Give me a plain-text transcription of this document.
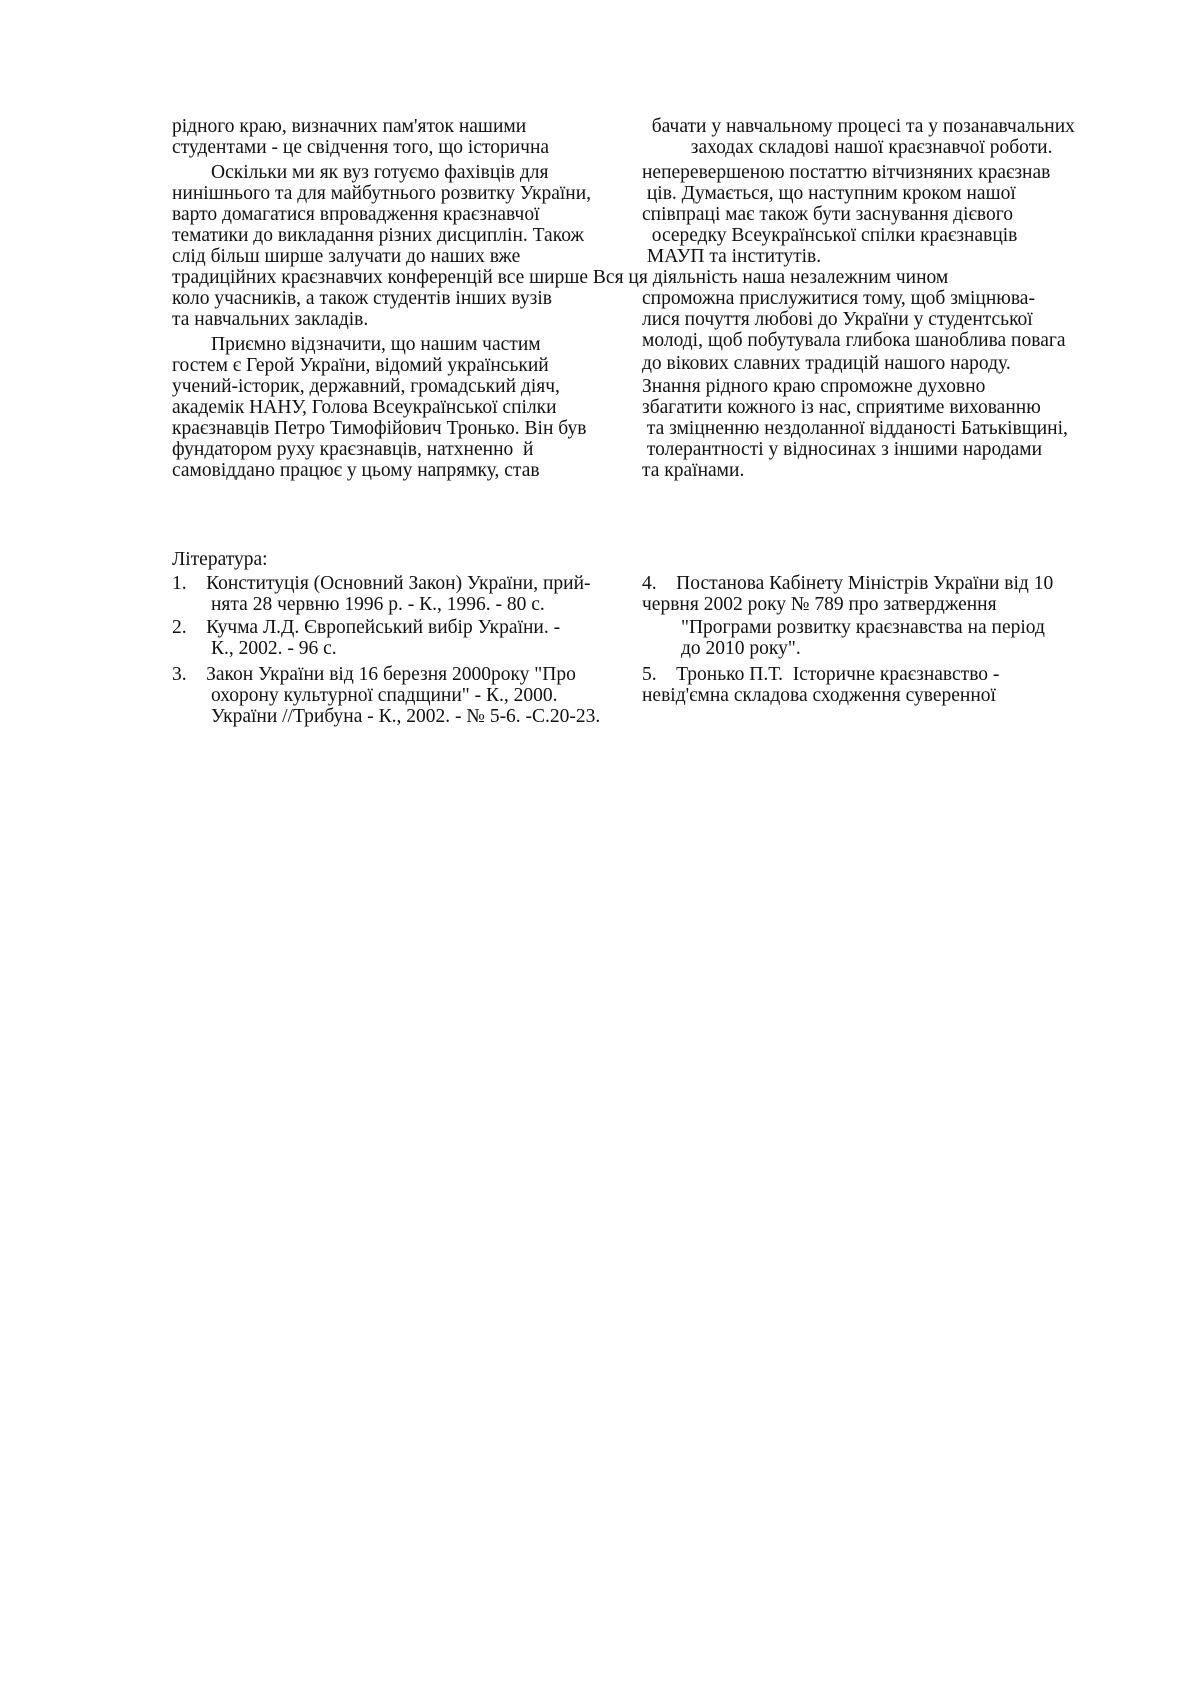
рідного краю, визначних пам'яток нашими
студентами - це свідчення того, що історична
Оскільки ми як вуз готуємо фахівців для
нинішнього та для майбутнього розвитку України,
варто домагатися впровадження краєзнавчої
тематики до викладання різних дисциплін. Також
слід більш ширше залучати до наших вже
традиційних краєзнавчих конференцій все ширше Вся ця діяльність наша незалежним чином
коло учасників, а також студентів інших вузів
та навчальних закладів.
Приємно відзначити, що нашим частим
гостем є Герой України, відомий український
учений-історик, державний, громадський діяч,
академік НАНУ, Голова Всеукраїнської спілки
краєзнавців Петро Тимофійович Тронько. Він був
фундатором руху краєзнавців, натхненно  й
самовіддано працює у цьому напрямку, став
бачати у навчальному процесі та у позанавчальних
заходах складові нашої краєзнавчої роботи.
неперевершеною постаттю вітчизняних краєзнав
ців. Думається, що наступним кроком нашої
співпраці має також бути заснування дієвого
осередку Всеукраїнської спілки краєзнавців
МАУП та інститутів.
спроможна прислужитися тому, щоб зміцнюва-
лися почуття любові до України у студентської
молоді, щоб побутувала глибока шаноблива повага
до вікових славних традицій нашого народу.
Знання рідного краю спроможне духовно
збагатити кожного із нас, сприятиме вихованню
та зміцненню нездоланної відданості Батьківщині,
толерантності у відносинах з іншими народами
та країнами.
Література:
1.    Конституція (Основний Закон) України, прий-
нята 28 червню 1996 р. - К., 1996. - 80 с.
2.    Кучма Л.Д. Європейський вибір України. -
К., 2002. - 96 с.
3.    Закон України від 16 березня 2000року "Про
охорону культурної спадщини" - К., 2000.
України //Трибуна - К., 2002. - № 5-6. -С.20-23.
4.    Постанова Кабінету Міністрів України від 10
червня 2002 року № 789 про затвердження
"Програми розвитку краєзнавства на період
до 2010 року".
5.    Тронько П.Т.  Історичне краєзнавство -
невід'ємна складова сходження суверенної
